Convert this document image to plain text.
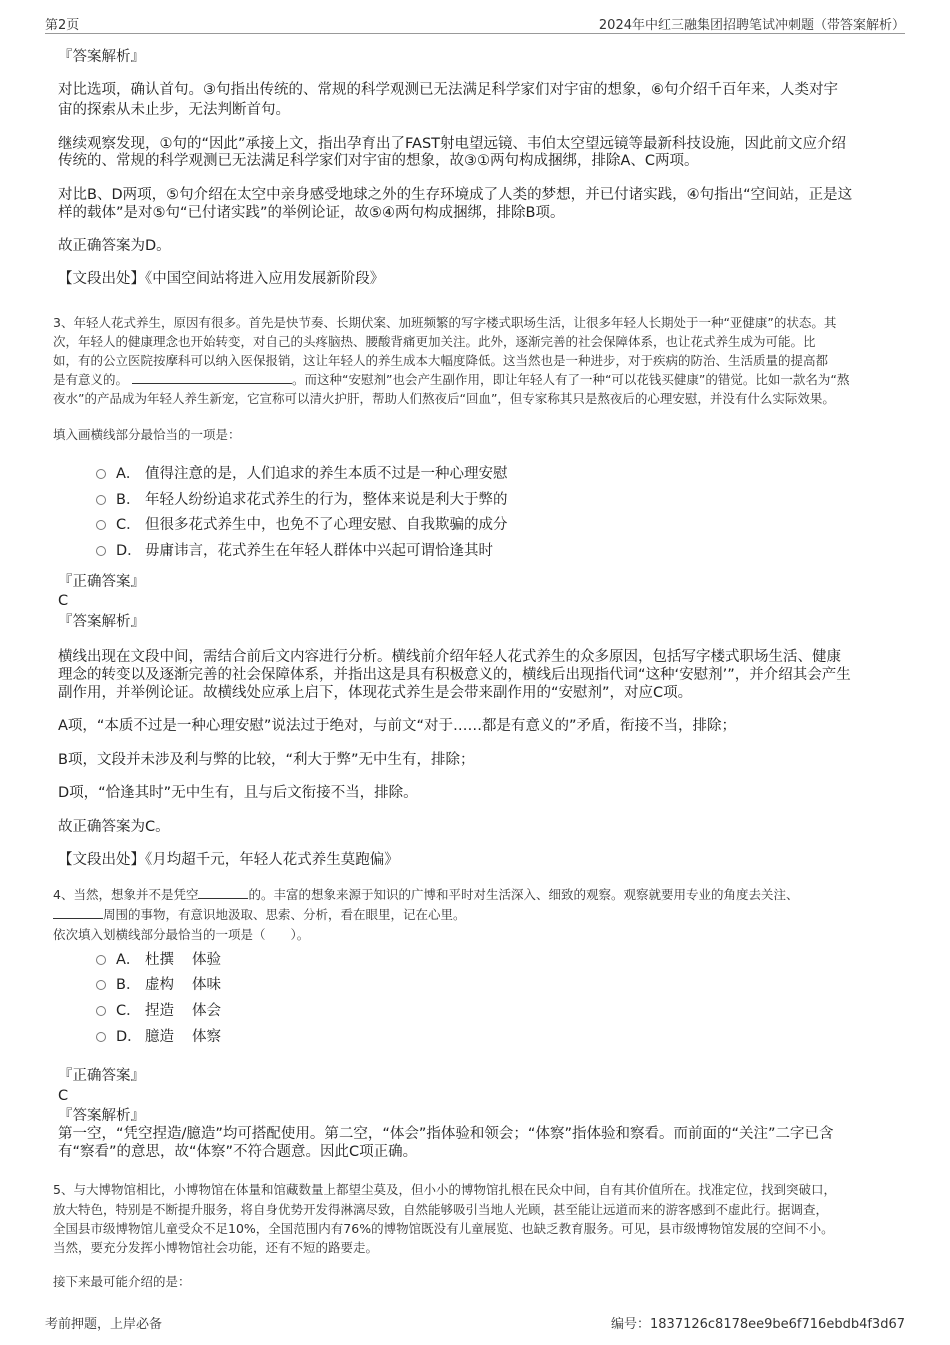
第2页	2024年中红三融集团招聘笔试冲刺题（带答案解析）
『答案解析』
对比选项，确认首句。③句指出传统的、常规的科学观测已无法满足科学家们对宇宙的想象，⑥句介绍千百年来，人类对宇
宙的探索从未止步，无法判断首句。
继续观察发现，①句的“因此”承接上文，指出孕育出了FAST射电望远镜、韦伯太空望远镜等最新科技设施，因此前文应介绍
传统的、常规的科学观测已无法满足科学家们对宇宙的想象，故③①两句构成捆绑，排除A、C两项。
对比B、D两项，⑤句介绍在太空中亲身感受地球之外的生存环境成了人类的梦想，并已付诸实践，④句指出“空间站，正是这
样的载体”是对⑤句“已付诸实践”的举例论证，故⑤④两句构成捆绑，排除B项。
故正确答案为D。
【文段出处】《中国空间站将进入应用发展新阶段》
3、年轻人花式养生，原因有很多。首先是快节奏、长期伏案、加班频繁的写字楼式职场生活，让很多年轻人长期处于一种“亚健康”的状态。其
次，年轻人的健康理念也开始转变，对自己的头疼脑热、腰酸背痛更加关注。此外，逐渐完善的社会保障体系，也让花式养生成为可能。比
如，有的公立医院按摩科可以纳入医保报销，这让年轻人的养生成本大幅度降低。这当然也是一种进步，对于疾病的防治、生活质量的提高都
是有意义的。	。而这种“安慰剂”也会产生副作用，即让年轻人有了一种“可以花钱买健康”的错觉。比如一款名为“熬
夜水”的产品成为年轻人养生新宠，它宣称可以清火护肝，帮助人们熬夜后“回血”，但专家称其只是熬夜后的心理安慰，并没有什么实际效果。
填入画横线部分最恰当的一项是：
A． 值得注意的是，人们追求的养生本质不过是一种心理安慰
B． 年轻人纷纷追求花式养生的行为，整体来说是利大于弊的
C． 但很多花式养生中，也免不了心理安慰、自我欺骗的成分
D． 毋庸讳言，花式养生在年轻人群体中兴起可谓恰逢其时
『正确答案』
C
『答案解析』
横线出现在文段中间，需结合前后文内容进行分析。横线前介绍年轻人花式养生的众多原因，包括写字楼式职场生活、健康
理念的转变以及逐渐完善的社会保障体系，并指出这是具有积极意义的，横线后出现指代词“这种‘安慰剂’”，并介绍其会产生
副作用，并举例论证。故横线处应承上启下，体现花式养生是会带来副作用的“安慰剂”，对应C项。
A项，“本质不过是一种心理安慰”说法过于绝对，与前文“对于……都是有意义的”矛盾，衔接不当，排除；
B项，文段并未涉及利与弊的比较，“利大于弊”无中生有，排除；
D项，“恰逢其时”无中生有，且与后文衔接不当，排除。
故正确答案为C。
【文段出处】《月均超千元，年轻人花式养生莫跑偏》
4、当然，想象并不是凭空	的。丰富的想象来源于知识的广博和平时对生活深入、细致的观察。观察就要用专业的角度去关注、
周围的事物，有意识地汲取、思索、分析，看在眼里，记在心里。
依次填入划横线部分最恰当的一项是（　　）。
A． 杜撰 体验
B． 虚构 体味
C． 捏造 体会
D． 臆造 体察
『正确答案』
C
『答案解析』
第一空，“凭空捏造/臆造”均可搭配使用。第二空，“体会”指体验和领会；“体察”指体验和察看。而前面的“关注”二字已含
有“察看”的意思，故“体察”不符合题意。因此C项正确。
5、与大博物馆相比，小博物馆在体量和馆藏数量上都望尘莫及，但小小的博物馆扎根在民众中间，自有其价值所在。找准定位，找到突破口，
放大特色，特别是不断提升服务，将自身优势开发得淋漓尽致，自然能够吸引当地人光顾，甚至能让远道而来的游客感到不虚此行。据调查，
全国县市级博物馆儿童受众不足10%，全国范围内有76%的博物馆既没有儿童展览、也缺乏教育服务。可见，县市级博物馆发展的空间不小。
当然，要充分发挥小博物馆社会功能，还有不短的路要走。
接下来最可能介绍的是：
考前押题，上岸必备	编号：1837126c8178ee9be6f716ebdb4f3d67
